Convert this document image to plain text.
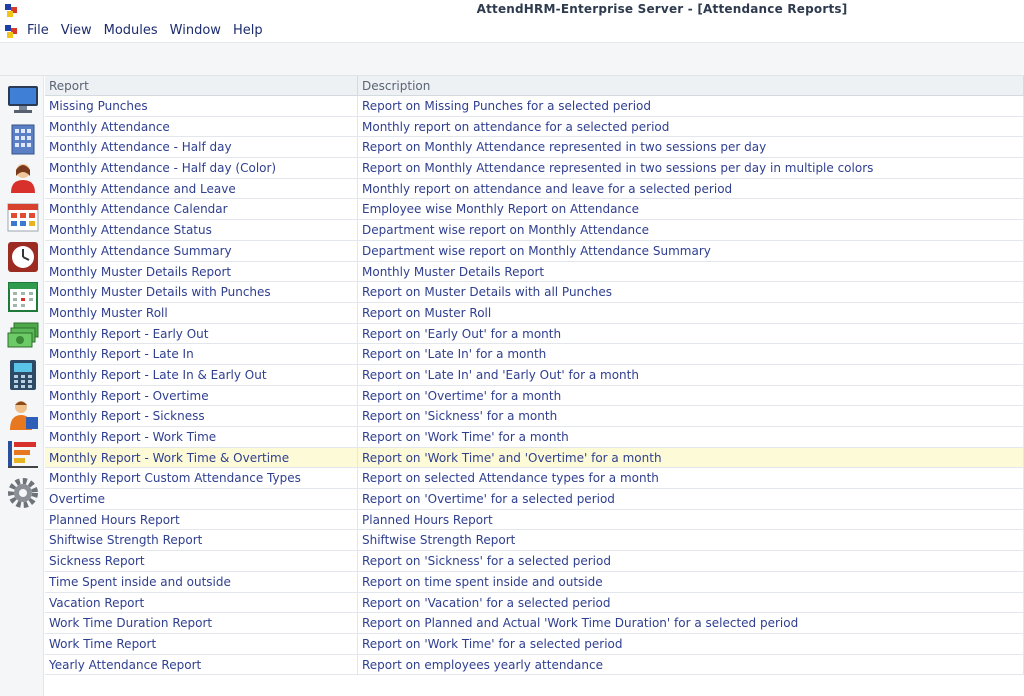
AttendHRM-Enterprise Server - [Attendance Reports]
File View Modules Window Help
Report	Description
Missing Punches	Report on Missing Punches for a selected period
Monthly Attendance	Monthly report on attendance for a selected period
Monthly Attendance - Half day	Report on Monthly Attendance represented in two sessions per day
Monthly Attendance - Half day (Color)	Report on Monthly Attendance represented in two sessions per day in multiple colors
Monthly Attendance and Leave	Monthly report on attendance and leave for a selected period
Monthly Attendance Calendar	Employee wise Monthly Report on Attendance
Monthly Attendance Status	Department wise report on Monthly Attendance
Monthly Attendance Summary	Department wise report on Monthly Attendance Summary
Monthly Muster Details Report	Monthly Muster Details Report
Monthly Muster Details with Punches	Report on Muster Details with all Punches
Monthly Muster Roll	Report on Muster Roll
Monthly Report - Early Out	Report on 'Early Out' for a month
Monthly Report - Late In	Report on 'Late In' for a month
Monthly Report - Late In & Early Out	Report on 'Late In' and 'Early Out' for a month
Monthly Report - Overtime	Report on 'Overtime' for a month
Monthly Report - Sickness	Report on 'Sickness' for a month
Monthly Report - Work Time	Report on 'Work Time' for a month
Monthly Report - Work Time & Overtime	Report on 'Work Time' and 'Overtime' for a month
Monthly Report Custom Attendance Types	Report on selected Attendance types for a month
Overtime	Report on 'Overtime' for a selected period
Planned Hours Report	Planned Hours Report
Shiftwise Strength Report	Shiftwise Strength Report
Sickness Report	Report on 'Sickness' for a selected period
Time Spent inside and outside	Report on time spent inside and outside
Vacation Report	Report on 'Vacation' for a selected period
Work Time Duration Report	Report on Planned and Actual 'Work Time Duration' for a selected period
Work Time Report	Report on 'Work Time' for a selected period
Yearly Attendance Report	Report on employees yearly attendance
